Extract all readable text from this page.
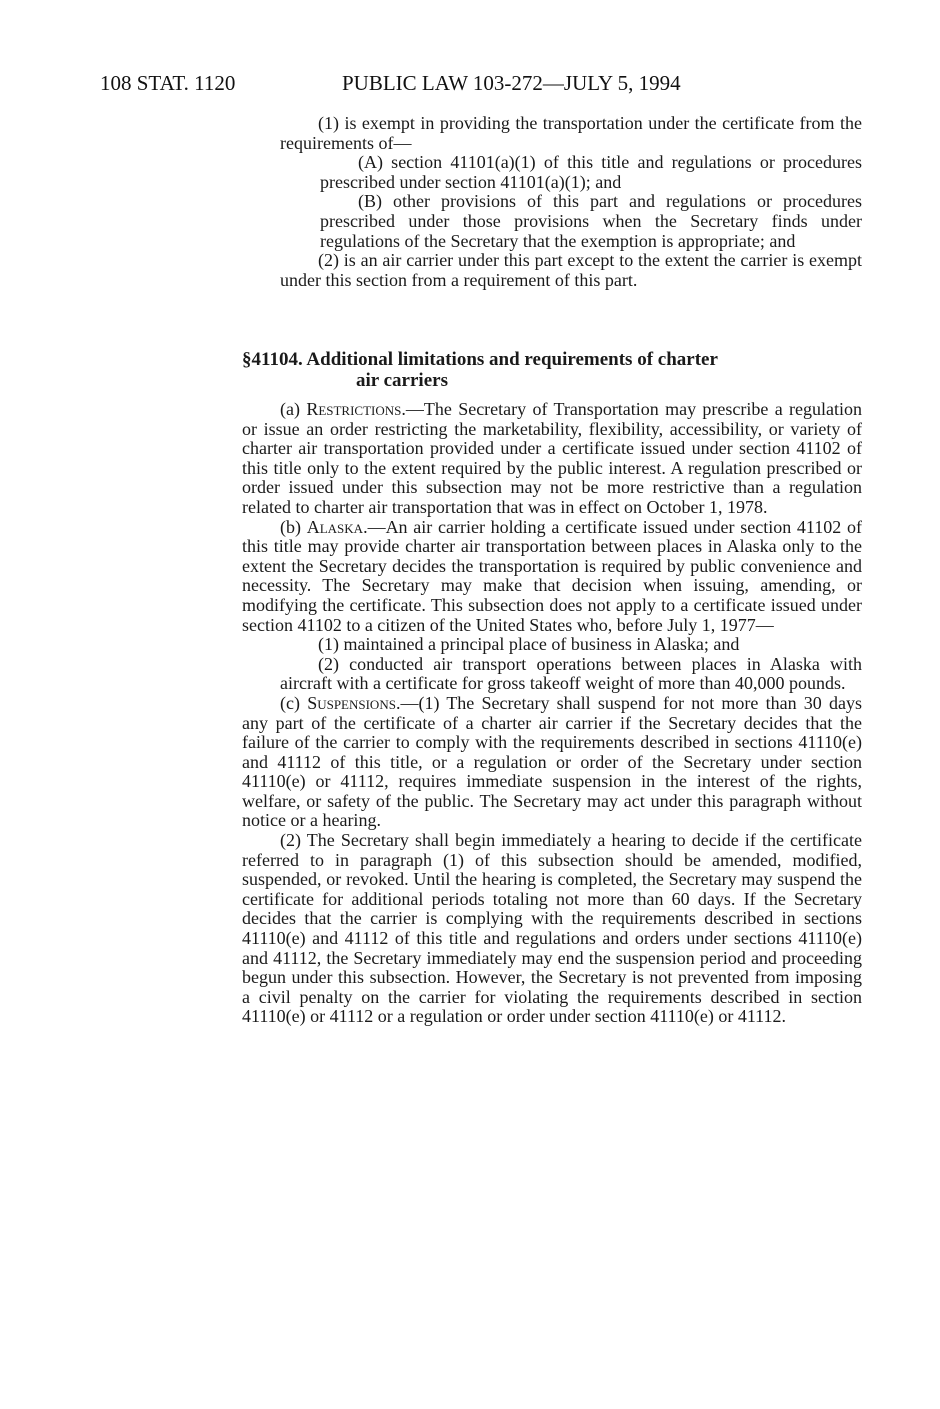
108 STAT. 1120	PUBLIC LAW 103-272—JULY 5, 1994

(1) is exempt in providing the transportation under the certificate from the requirements of—

(A) section 41101(a)(1) of this title and regulations or procedures prescribed under section 41101(a)(1); and

(B) other provisions of this part and regulations or procedures prescribed under those provisions when the Secretary finds under regulations of the Secretary that the exemption is appropriate; and

(2) is an air carrier under this part except to the extent the carrier is exempt under this section from a requirement of this part.

§41104. Additional limitations and requirements of charter
air carriers

(a) Restrictions.—The Secretary of Transportation may prescribe a regulation or issue an order restricting the marketability, flexibility, accessibility, or variety of charter air transportation provided under a certificate issued under section 41102 of this title only to the extent required by the public interest. A regulation prescribed or order issued under this subsection may not be more restrictive than a regulation related to charter air transportation that was in effect on October 1, 1978.

(b) Alaska.—An air carrier holding a certificate issued under section 41102 of this title may provide charter air transportation between places in Alaska only to the extent the Secretary decides the transportation is required by public convenience and necessity. The Secretary may make that decision when issuing, amending, or modifying the certificate. This subsection does not apply to a certificate issued under section 41102 to a citizen of the United States who, before July 1, 1977—

(1) maintained a principal place of business in Alaska; and

(2) conducted air transport operations between places in Alaska with aircraft with a certificate for gross takeoff weight of more than 40,000 pounds.

(c) Suspensions.—(1) The Secretary shall suspend for not more than 30 days any part of the certificate of a charter air carrier if the Secretary decides that the failure of the carrier to comply with the requirements described in sections 41110(e) and 41112 of this title, or a regulation or order of the Secretary under section 41110(e) or 41112, requires immediate suspension in the interest of the rights, welfare, or safety of the public. The Secretary may act under this paragraph without notice or a hearing.

(2) The Secretary shall begin immediately a hearing to decide if the certificate referred to in paragraph (1) of this subsection should be amended, modified, suspended, or revoked. Until the hearing is completed, the Secretary may suspend the certificate for additional periods totaling not more than 60 days. If the Secretary decides that the carrier is complying with the requirements described in sections 41110(e) and 41112 of this title and regulations and orders under sections 41110(e) and 41112, the Secretary immediately may end the suspension period and proceeding begun under this subsection. However, the Secretary is not prevented from imposing a civil penalty on the carrier for violating the requirements described in section 41110(e) or 41112 or a regulation or order under section 41110(e) or 41112.
